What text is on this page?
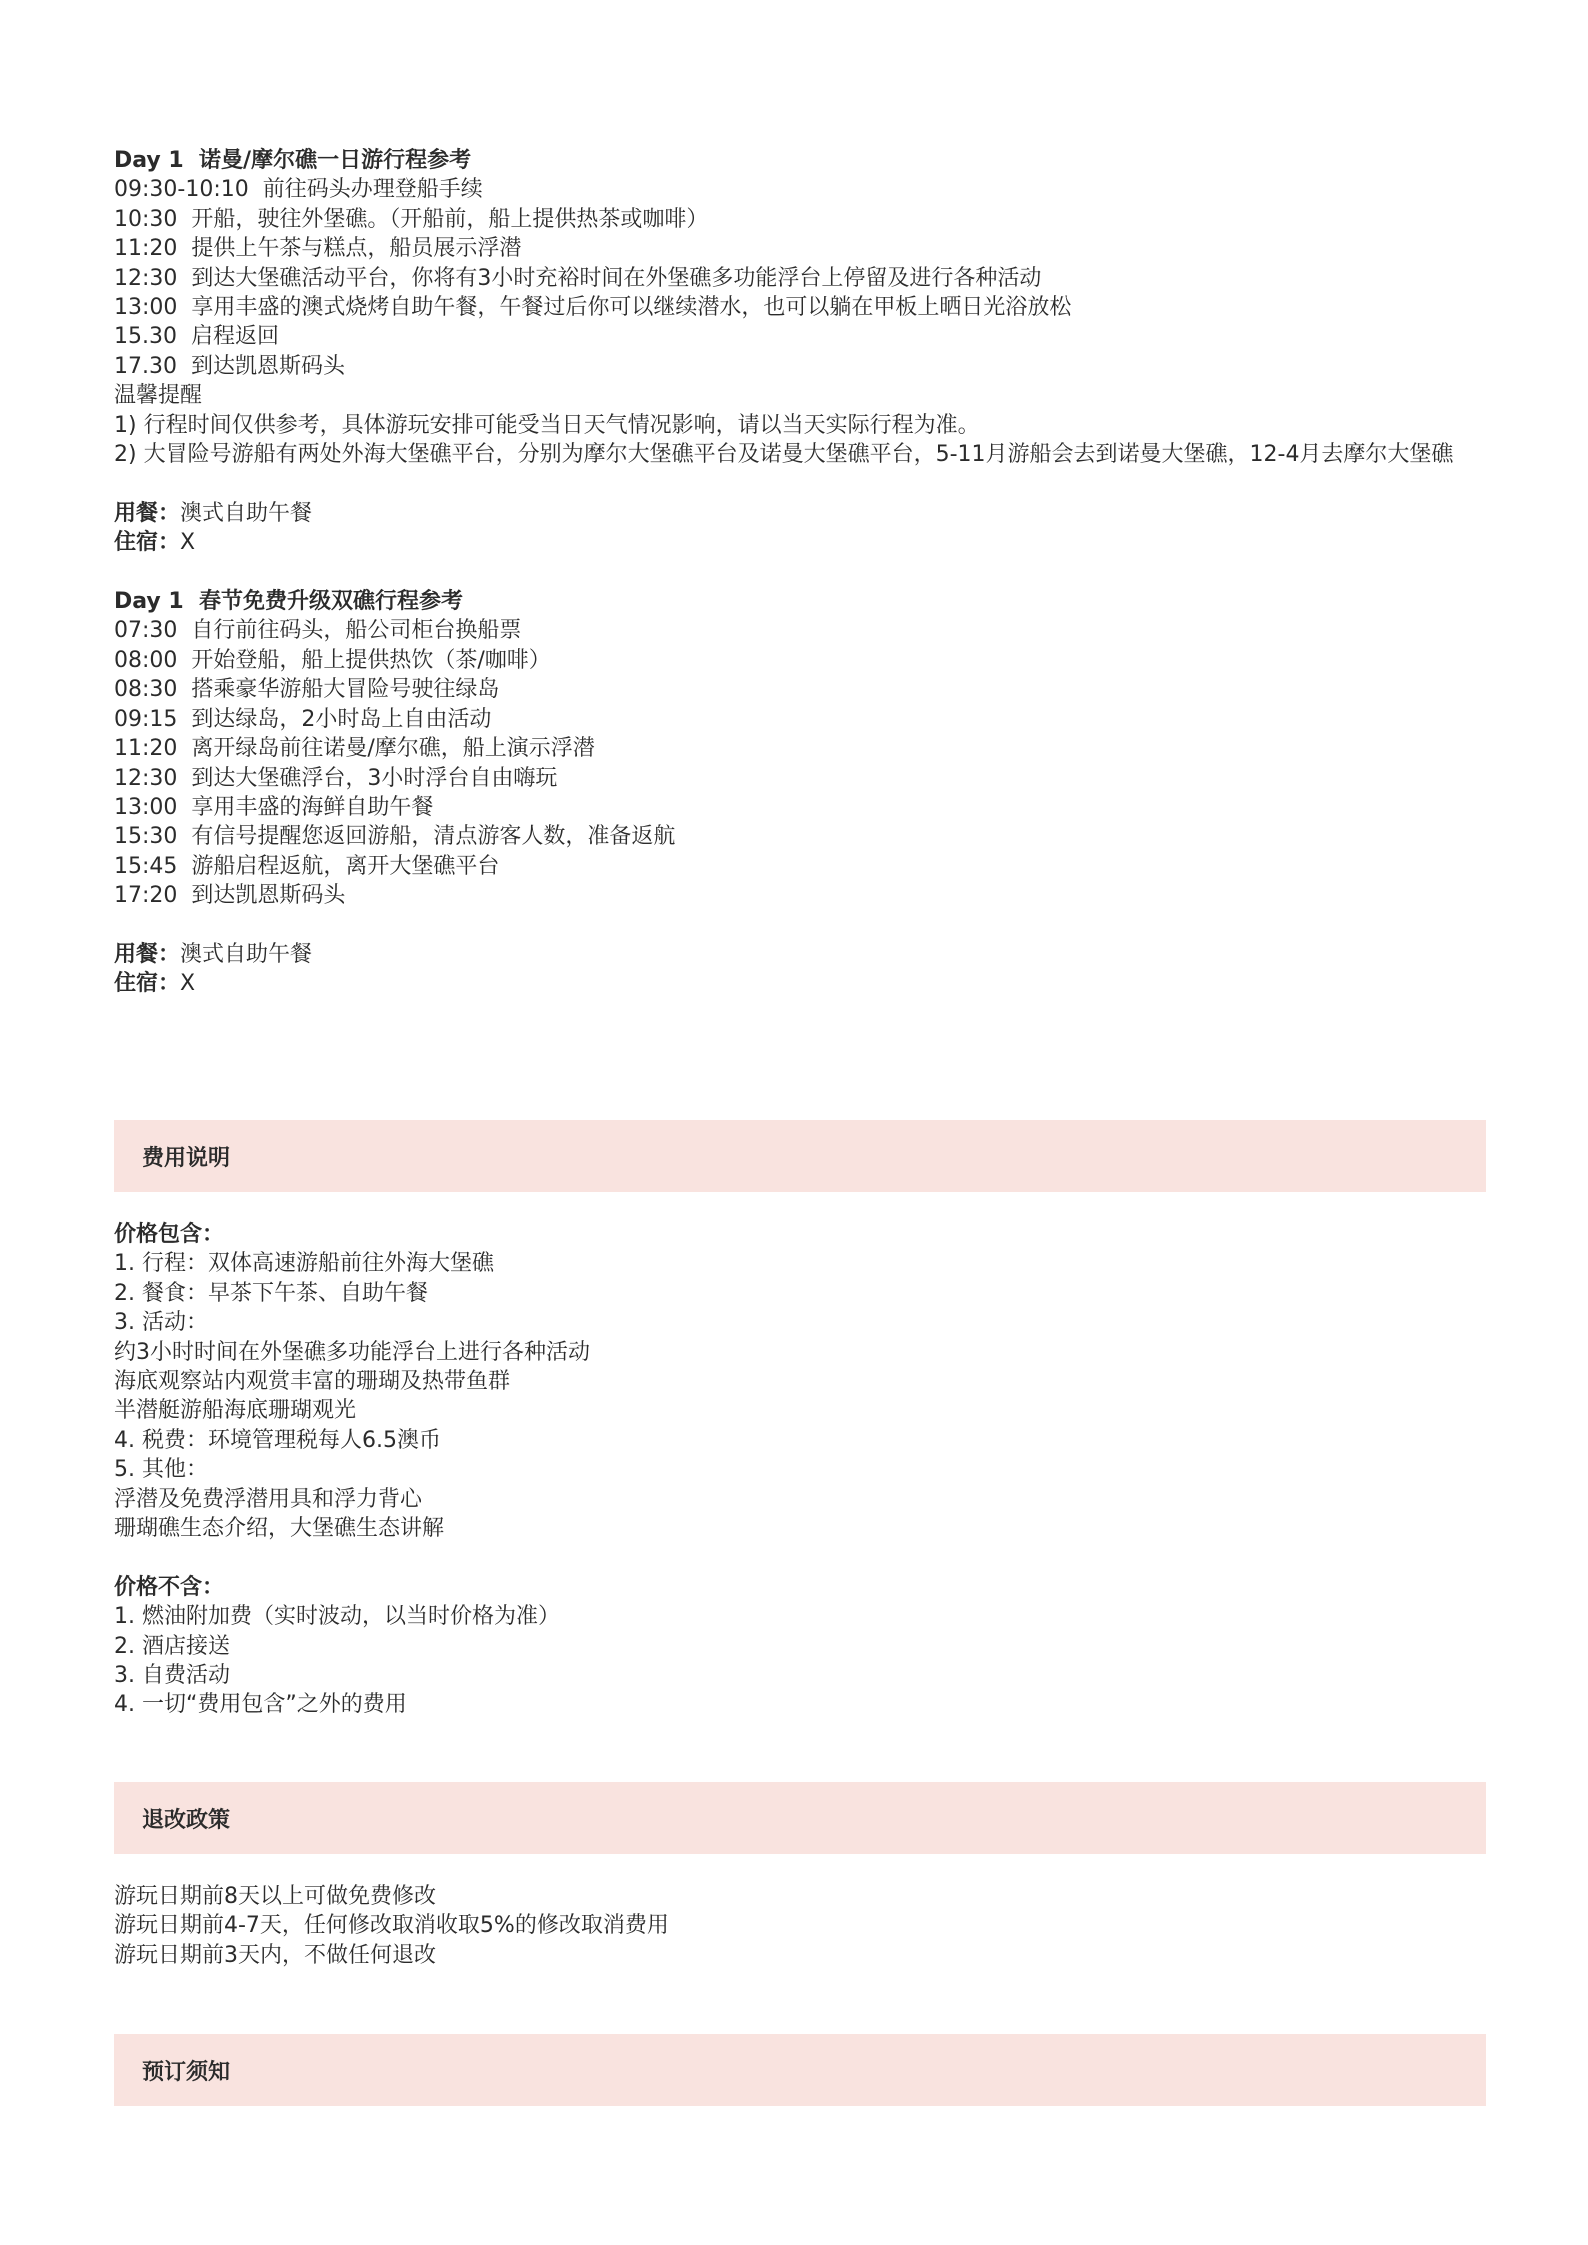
Day 1  诺曼/摩尔礁一日游行程参考

09:30-10:10  前往码头办理登船手续

10:30  开船，驶往外堡礁。（开船前，船上提供热茶或咖啡）

11:20  提供上午茶与糕点，船员展示浮潜

12:30  到达大堡礁活动平台，你将有3小时充裕时间在外堡礁多功能浮台上停留及进行各种活动

13:00  享用丰盛的澳式烧烤自助午餐，午餐过后你可以继续潜水，也可以躺在甲板上晒日光浴放松

15.30  启程返回

17.30  到达凯恩斯码头

温馨提醒

1) 行程时间仅供参考，具体游玩安排可能受当日天气情况影响，请以当天实际行程为准。

2) 大冒险号游船有两处外海大堡礁平台，分别为摩尔大堡礁平台及诺曼大堡礁平台，5-11月游船会去到诺曼大堡礁，12-4月去摩尔大堡礁

用餐：澳式自助午餐

住宿：X

Day 1  春节免费升级双礁行程参考

07:30  自行前往码头，船公司柜台换船票

08:00  开始登船，船上提供热饮（茶/咖啡）

08:30  搭乘豪华游船大冒险号驶往绿岛

09:15  到达绿岛，2小时岛上自由活动

11:20  离开绿岛前往诺曼/摩尔礁，船上演示浮潜

12:30  到达大堡礁浮台，3小时浮台自由嗨玩

13:00  享用丰盛的海鲜自助午餐

15:30  有信号提醒您返回游船，清点游客人数，准备返航

15:45  游船启程返航，离开大堡礁平台

17:20  到达凯恩斯码头

用餐：澳式自助午餐

住宿：X

费用说明

价格包含：

1. 行程：双体高速游船前往外海大堡礁

2. 餐食：早茶下午茶、自助午餐

3. 活动：

约3小时时间在外堡礁多功能浮台上进行各种活动

海底观察站内观赏丰富的珊瑚及热带鱼群

半潜艇游船海底珊瑚观光

4. 税费：环境管理税每人6.5澳币

5. 其他：

浮潜及免费浮潜用具和浮力背心

珊瑚礁生态介绍，大堡礁生态讲解

价格不含：

1. 燃油附加费（实时波动，以当时价格为准）

2. 酒店接送

3. 自费活动

4. 一切“费用包含”之外的费用

退改政策

游玩日期前8天以上可做免费修改

游玩日期前4-7天，任何修改取消收取5%的修改取消费用

游玩日期前3天内，不做任何退改

预订须知
